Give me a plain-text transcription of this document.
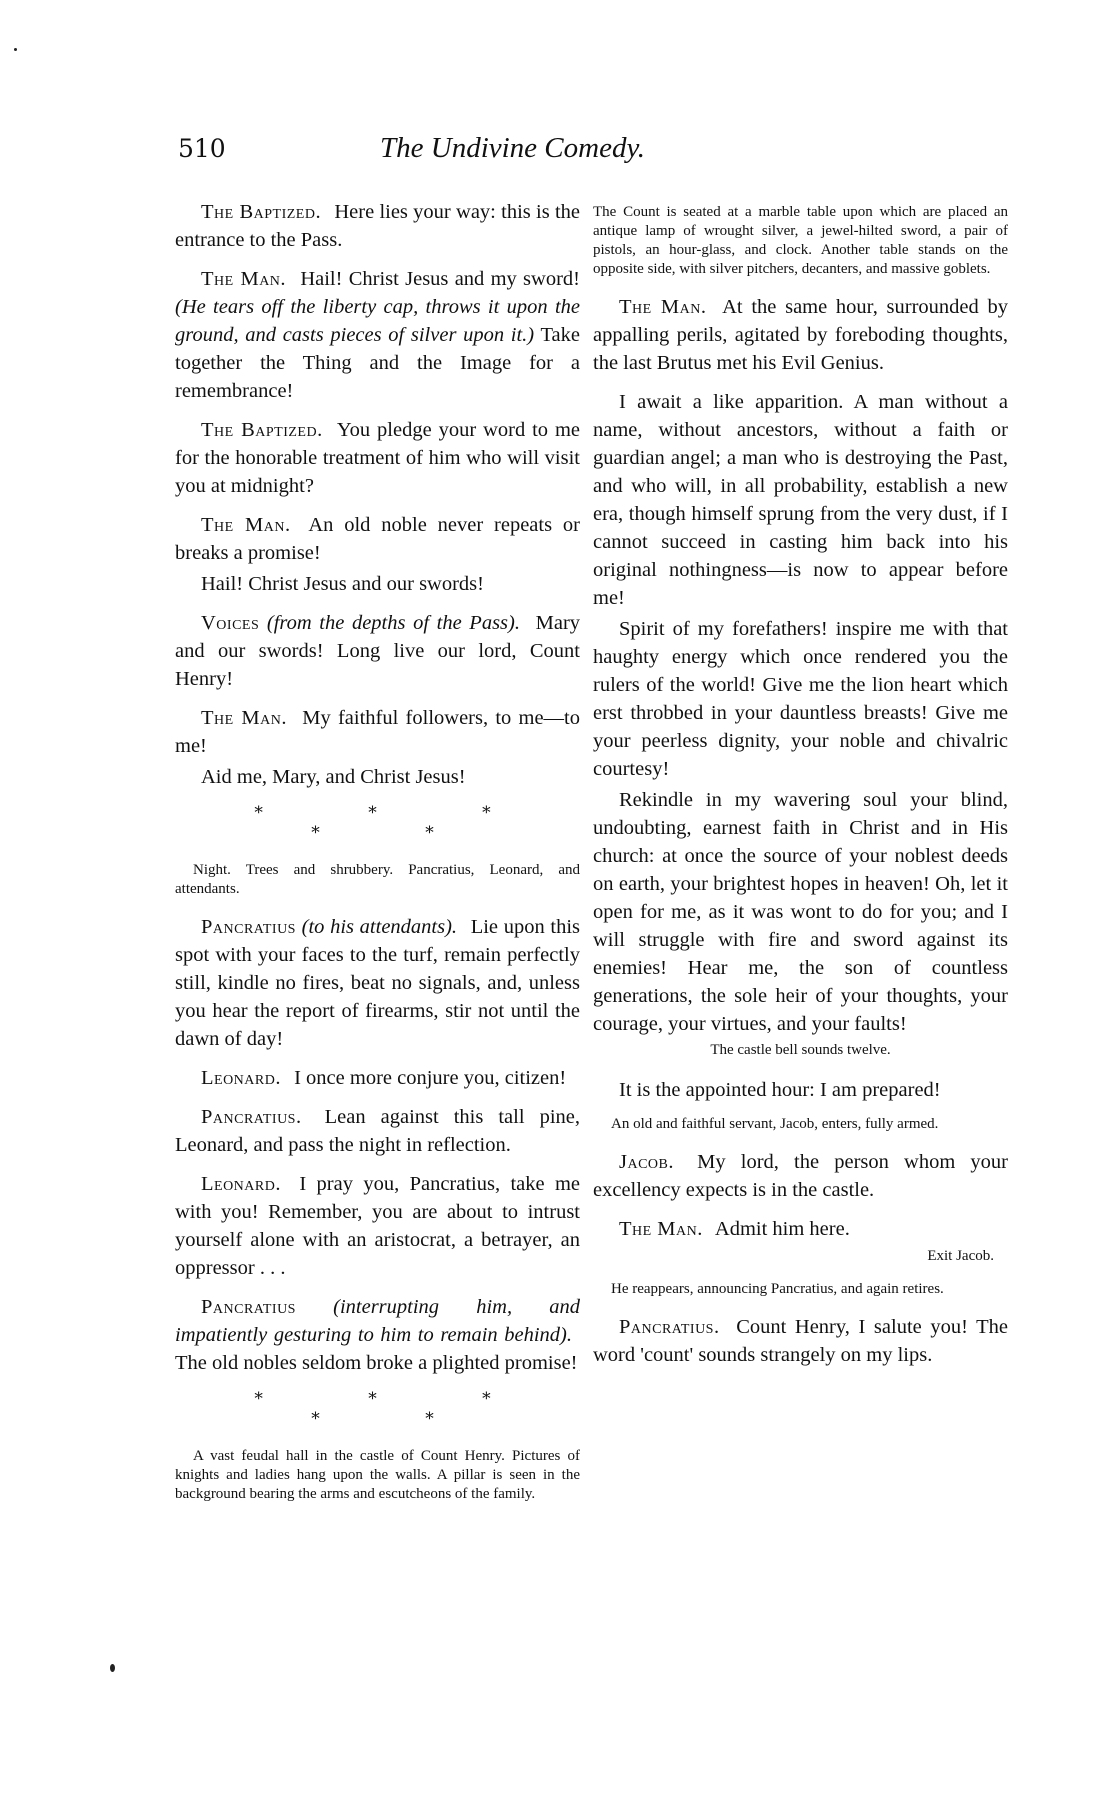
510	The Undivine Comedy.

The Baptized. Here lies your way: this is the entrance to the Pass.

The Man. Hail! Christ Jesus and my sword! (He tears off the liberty cap, throws it upon the ground, and casts pieces of silver upon it.) Take together the Thing and the Image for a remembrance!

The Baptized. You pledge your word to me for the honorable treatment of him who will visit you at midnight?

The Man. An old noble never repeats or breaks a promise!

Hail! Christ Jesus and our swords!

Voices (from the depths of the Pass). Mary and our swords! Long live our lord, Count Henry!

The Man. My faithful followers, to me—to me!

Aid me, Mary, and Christ Jesus!

* * * * *

Night. Trees and shrubbery. Pancratius, Leonard, and attendants.

Pancratius (to his attendants). Lie upon this spot with your faces to the turf, remain perfectly still, kindle no fires, beat no signals, and, unless you hear the report of firearms, stir not until the dawn of day!

Leonard. I once more conjure you, citizen!

Pancratius. Lean against this tall pine, Leonard, and pass the night in reflection.

Leonard. I pray you, Pancratius, take me with you! Remember, you are about to intrust yourself alone with an aristocrat, a betrayer, an oppressor . . .

Pancratius (interrupting him, and impatiently gesturing to him to remain behind). The old nobles seldom broke a plighted promise!

* * * * *

A vast feudal hall in the castle of Count Henry. Pictures of knights and ladies hang upon the walls. A pillar is seen in the background bearing the arms and escutcheons of the family.

The Count is seated at a marble table upon which are placed an antique lamp of wrought silver, a jewel-hilted sword, a pair of pistols, an hour-glass, and clock. Another table stands on the opposite side, with silver pitchers, decanters, and massive goblets.

The Man. At the same hour, surrounded by appalling perils, agitated by foreboding thoughts, the last Brutus met his Evil Genius.

I await a like apparition. A man without a name, without ancestors, without a faith or guardian angel; a man who is destroying the Past, and who will, in all probability, establish a new era, though himself sprung from the very dust, if I cannot succeed in casting him back into his original nothingness—is now to appear before me!

Spirit of my forefathers! inspire me with that haughty energy which once rendered you the rulers of the world! Give me the lion heart which erst throbbed in your dauntless breasts! Give me your peerless dignity, your noble and chivalric courtesy!

Rekindle in my wavering soul your blind, undoubting, earnest faith in Christ and in His church: at once the source of your noblest deeds on earth, your brightest hopes in heaven! Oh, let it open for me, as it was wont to do for you; and I will struggle with fire and sword against its enemies! Hear me, the son of countless generations, the sole heir of your thoughts, your courage, your virtues, and your faults!

The castle bell sounds twelve.

It is the appointed hour: I am prepared!

An old and faithful servant, Jacob, enters, fully armed.

Jacob. My lord, the person whom your excellency expects is in the castle.

The Man. Admit him here.

Exit Jacob.

He reappears, announcing Pancratius, and again retires.

Pancratius. Count Henry, I salute you! The word 'count' sounds strangely on my lips.
